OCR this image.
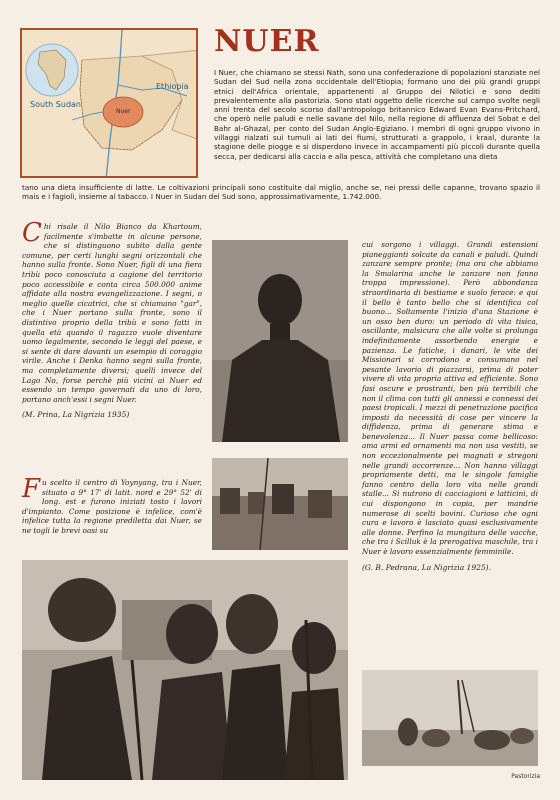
South Sudan
Ethiopia
Nuer
NUER

I Nuer, che chiamano se stessi Nath, sono una confederazione di popolazioni stanziate nel Sudan del Sud nella zona occidentale dell'Etiopia; formano uno dei più grandi gruppi etnici dell'Africa orientale, appartenenti al Gruppo dei Nilotici e sono dediti prevalentemente alla pastorizia. Sono stati oggetto delle ricerche sul campo svolte negli anni trenta del secolo scorso dall'antropologo britannico Edward Evan Evans-Pritchard, che operò nelle paludi e nelle savane del Nilo, nella regione di affluenza del Sobat e del Bahr al-Ghazal, per conto del Sudan Anglo-Egiziano. I membri di ogni gruppo vivono in villaggi rialzati sui tumuli ai lati dei fiumi, strutturati a grappolo, i kraal, durante la stagione delle piogge e si disperdono invece in accampamenti più piccoli durante quella secca, per dedicarsi alla caccia e alla pesca, attività che completano una dieta

tano una dieta insufficiente di latte. Le coltivazioni principali sono costituite dal miglio, anche se, nei pressi delle capanne, trovano spazio il mais e i fagioli, insieme al tabacco. I Nuer in Sudan del Sud sono, approssimativamente, 1.742.000.

C hi risale il Nilo Bianco da Khartoum, facilmente s'imbatte in alcune persone, che si distinguono subito dalla gente comune, per certi lunghi segni orizzontali che hanno sulla fronte. Sono Nuer, figli di una fiera tribù poco conosciuta a cagione del territorio poco accessibile e conta circa 500.000 anime affidate alla nostra evangelizzazione. I segni, o meglio quelle cicatrici, che si chiamano "gar", che i Nuer portano sulla fronte, sono il distintivo proprio della tribù e sono fatti in quella età quando il ragazzo vuole diventare uomo legalmente, secondo le leggi del paese, e si sente di dare davanti un esempio di coraggio virile. Anche i Denka hanno segni sulla fronte, ma completamente diversi; quelli invece del Lago No, forse perchè più vicini ai Nuer ed essendo un tempo governati da uno di loro, portano anch'essi i segni Nuer.
(M. Prina, La Nigrizia 1935)
F u scelto il centro di Yoynyang, tra i Nuer, situato a 9° 17' di latit. nord e 29° 52' di long. est e furono iniziati tosto i lavori d'impianto. Come posizione è infelice, com'è infelice tutta la regione prediletta dai Nuer, se ne togli le brevi oasi su
cui sorgono i villaggi. Grandi estensioni pianeggianti solcate da canali e paludi. Quindi zanzare sempre pronte; (ma ora che abbiamo la Smalarina anche le zanzare non fanno troppa impressione). Però abbondanza straordinaria di bestiame e suolo ferace: e qui il bello è tanto bello che si identifica col buono... Soltamente l'inizio d'una Stazione è un osso ben duro: un periodo di vita tisica, oscillante, malsicura che alle volte si prolunga indefinitamente assorbendo energie e pazienza. Le fatiche, i danari, le vite dei Missionari si corrodono e consumano nel pesante lavorio di piazzarsi, prima di poter vivere di vita propria attiva ed efficiente. Sono fasi oscure e prostranti, ben più terribili che non il clima con tutti gli annessi e connessi dei paesi tropicali. I mezzi di penetrazione pacifica imposti da necessità di cose per vincere la diffidenza, prima di generare stima e benevolenza... Il Nuer passa come bellicoso: ama armi ed ornamenti ma non usa vestiti, se non eccezionalmente pei magnati e stregoni nelle grandi occorrenze... Non hanno villaggi propriamente detti, ma le singole famiglie fanno centro della loro vita nelle grandi stalle... Si nutrono di cacciagioni e latticini, di cui dispongono in copia, per mandrie numerose di scelti bovini. Curioso che ogni cura e lavoro è lasciato quasi esclusivamente alle donne. Perfino la mungitura delle vacche, che tra i Scilluk è la prerogativa maschile, tra i Nuer è lavoro essenzialmente femminile.
(G. B. Pedrana, La Nigrizia 1925).
Pastorizia
